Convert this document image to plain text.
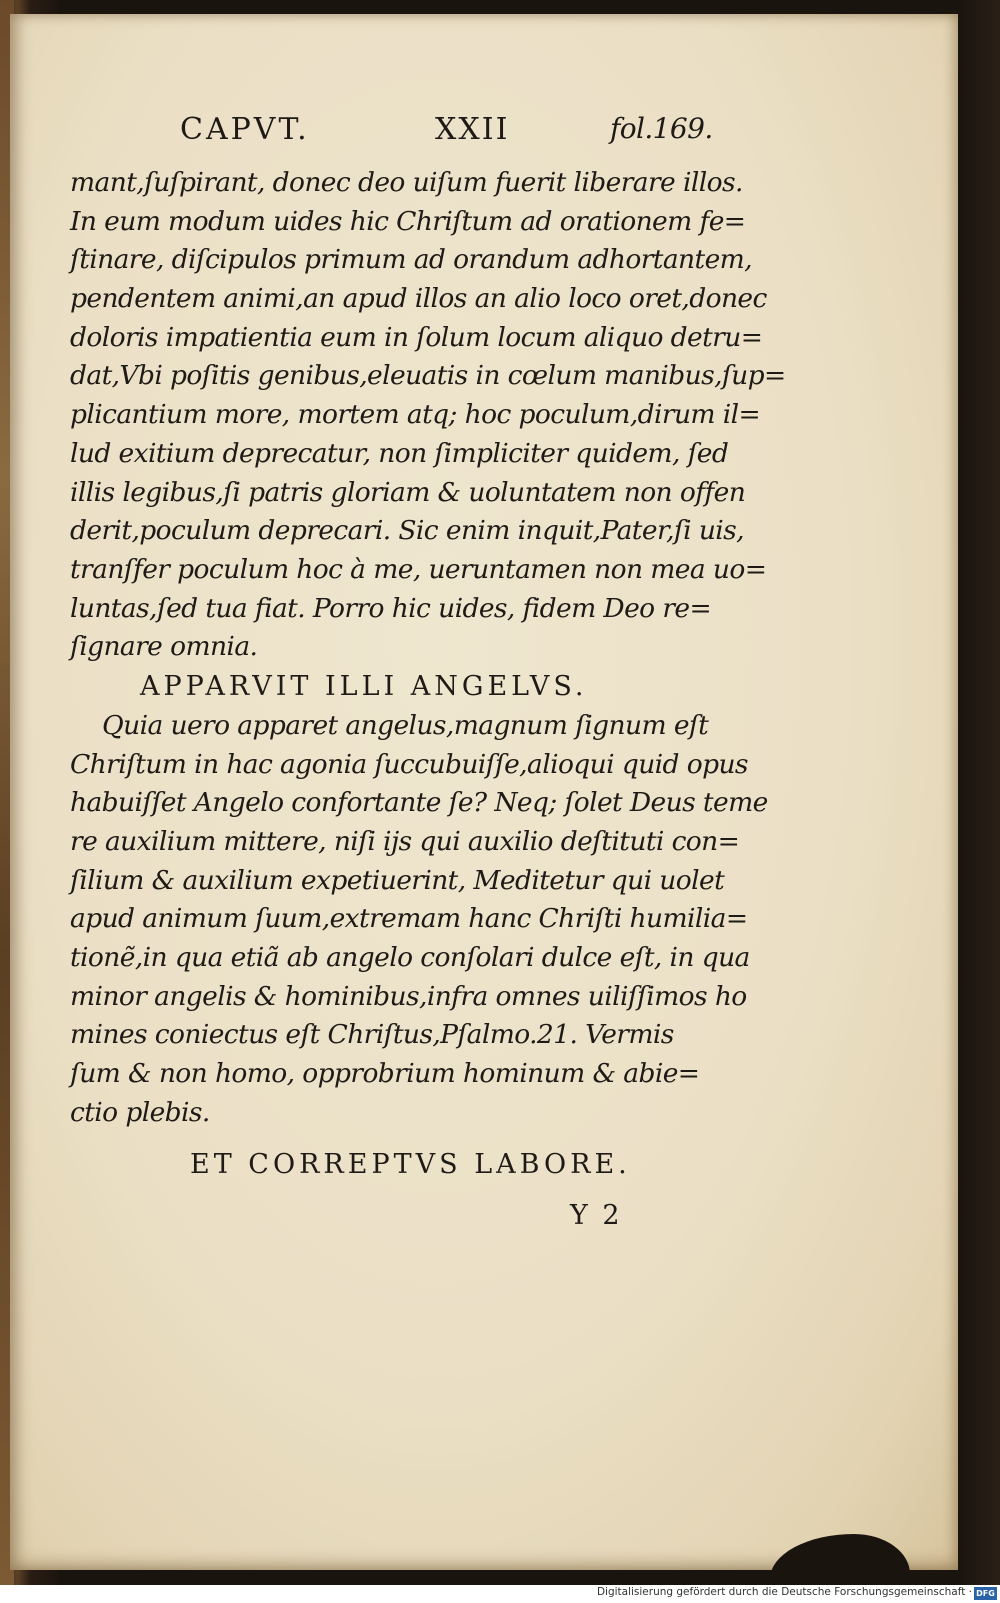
CAPVT.	XXII	fol.169.
mant,ſuſpirant, donec deo uiſum fuerit liberare illos.
In eum modum uides hic Chriſtum ad orationem fe=
ſtinare, diſcipulos primum ad orandum adhortantem,
pendentem animi,an apud illos an alio loco oret,donec
doloris impatientia eum in ſolum locum aliquo detru=
dat,Vbi poſitis genibus,eleuatis in cœlum manibus,ſup=
plicantium more, mortem atq; hoc poculum,dirum il=
lud exitium deprecatur, non ſimpliciter quidem, ſed
illis legibus,ſi patris gloriam & uoluntatem non offen
derit,poculum deprecari. Sic enim inquit,Pater,ſi uis,
tranſfer poculum hoc à me, ueruntamen non mea uo=
luntas,ſed tua fiat. Porro hic uides, fidem Deo re=
ſignare omnia.
APPARVIT ILLI ANGELVS.
Quia uero apparet angelus,magnum ſignum eſt
Chriſtum in hac agonia ſuccubuiſſe,alioqui quid opus
habuiſſet Angelo confortante ſe? Neq; ſolet Deus teme
re auxilium mittere, niſi ijs qui auxilio deſtituti con=
ſilium & auxilium expetiuerint, Meditetur qui uolet
apud animum ſuum,extremam hanc Chriſti humilia=
tionẽ,in qua etiã ab angelo conſolari dulce eſt, in qua
minor angelis & hominibus,infra omnes uiliſſimos ho
mines coniectus eſt Chriſtus,Pſalmo.21. Vermis
ſum & non homo, opprobrium hominum & abie=
ctio plebis.
ET CORREPTVS LABORE.
Y 2
Digitalisierung gefördert durch die Deutsche Forschungsgemeinschaft · DFG
